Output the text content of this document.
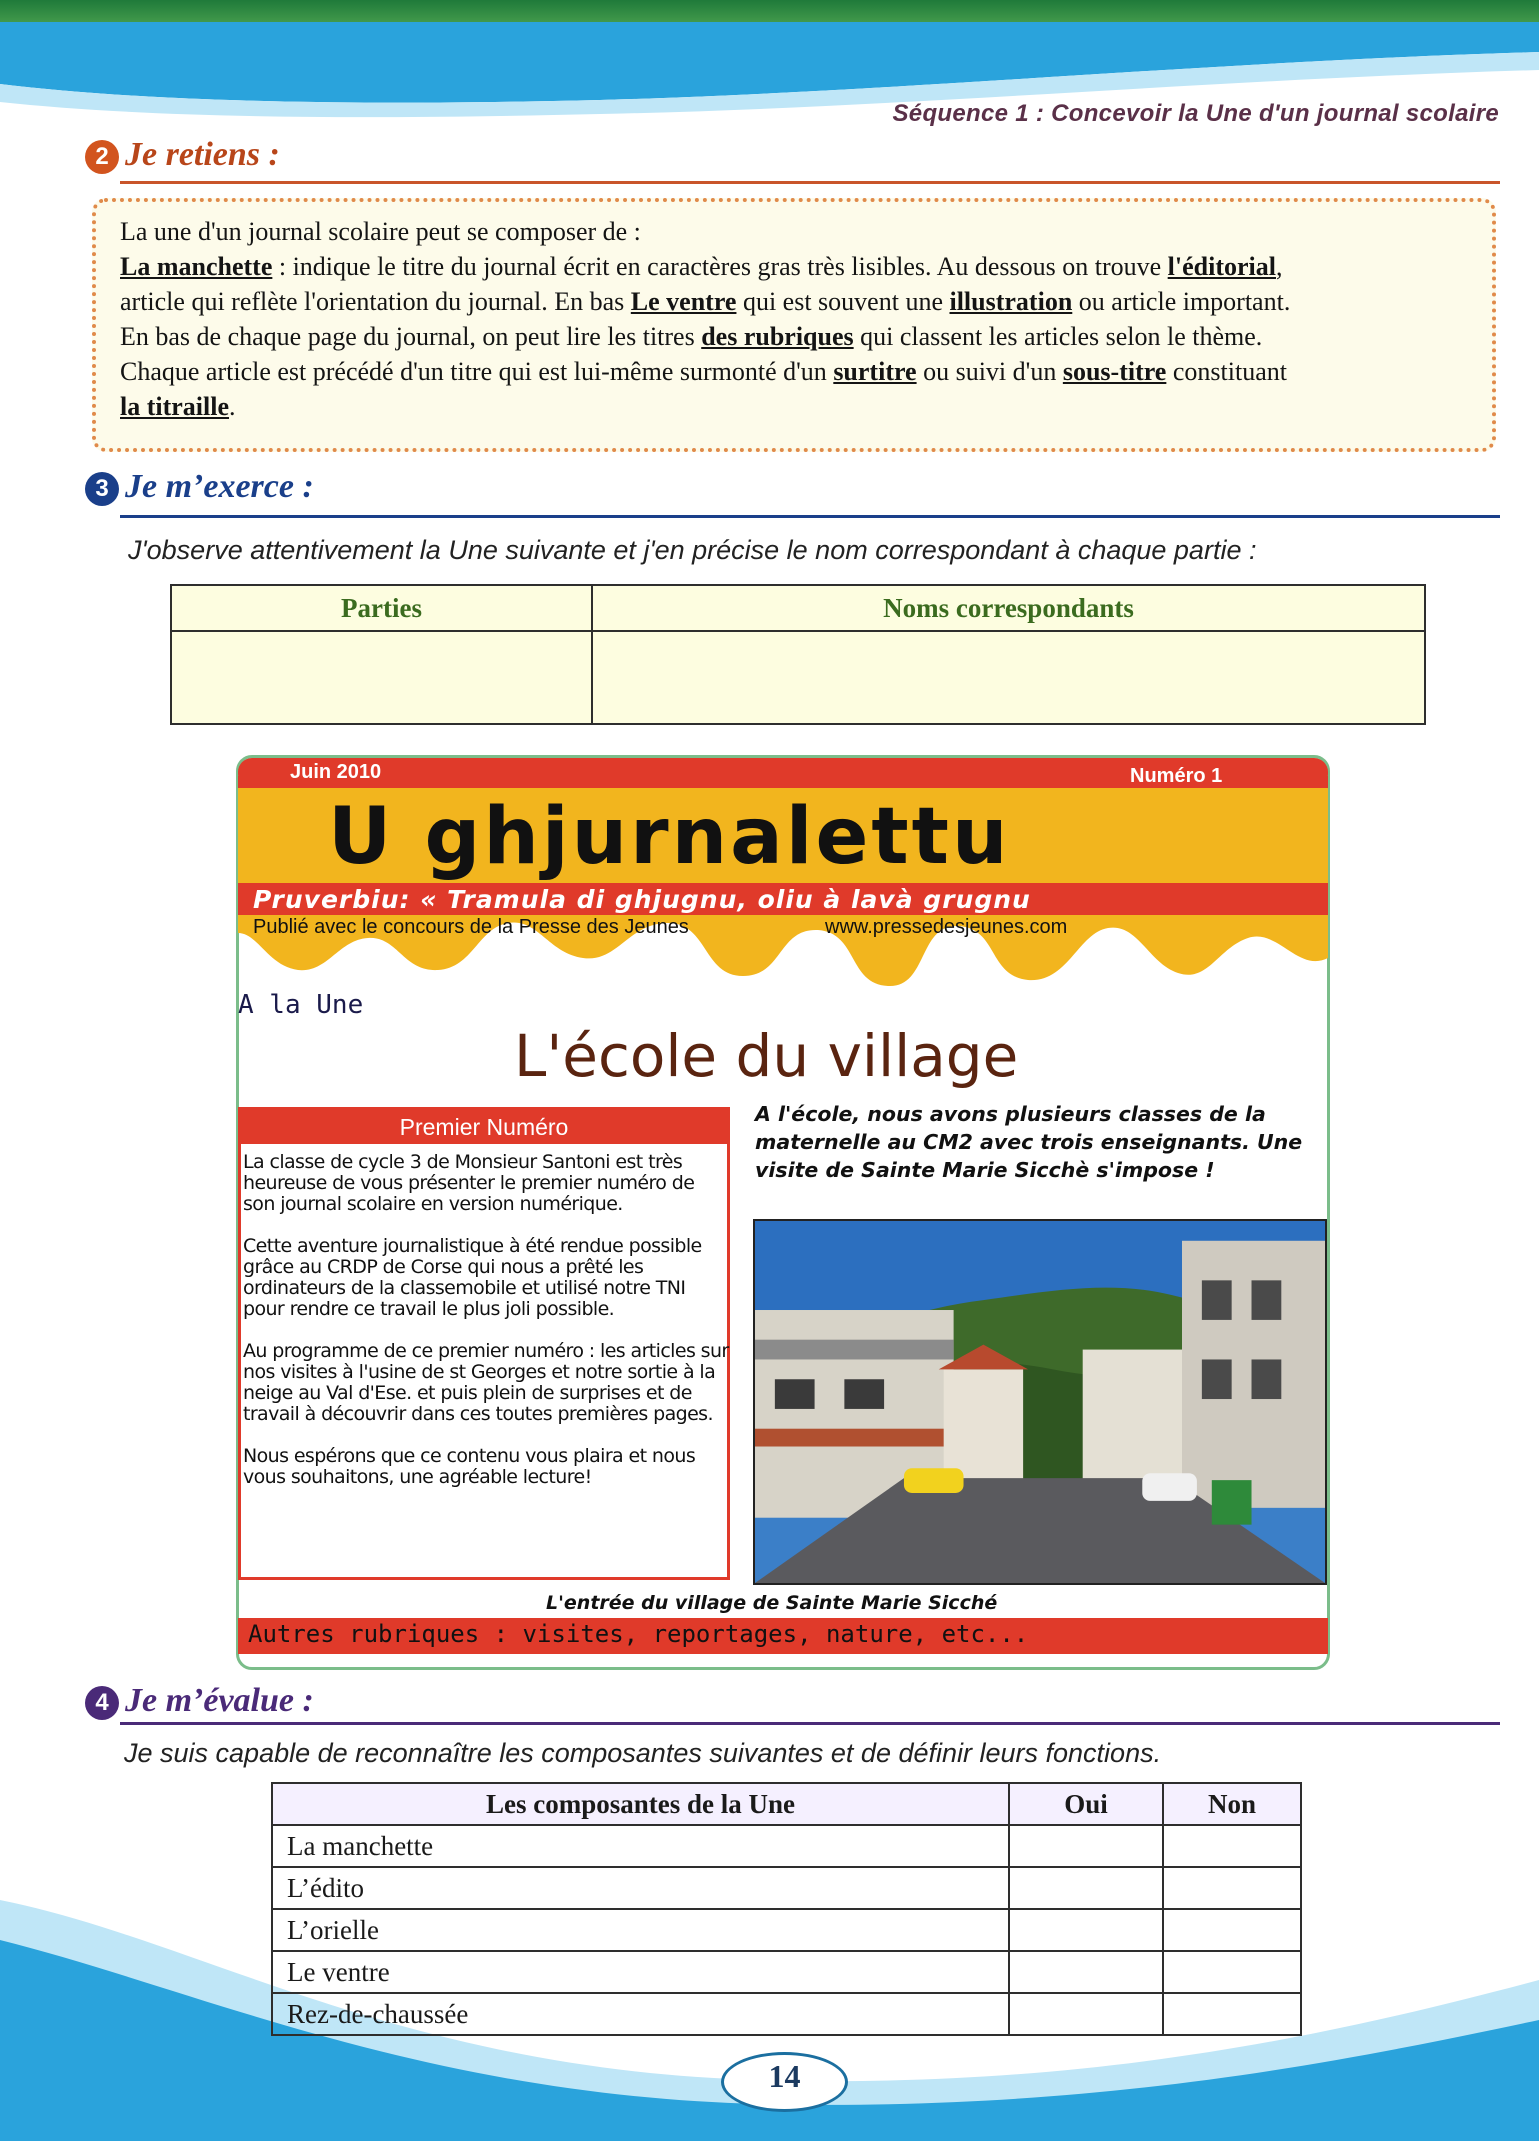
Séquence 1 : Concevoir la Une d'un journal scolaire
2 Je retiens :
La une d'un journal scolaire peut se composer de :
La manchette : indique le titre du journal écrit en caractères gras très lisibles. Au dessous on trouve l'éditorial,
article qui reflète l'orientation du journal. En bas Le ventre qui est souvent une illustration ou article important.
En bas de chaque page du journal, on peut lire les titres des rubriques qui classent les articles selon le thème.
Chaque article est précédé d'un titre qui est lui-même surmonté d'un surtitre ou suivi d'un sous-titre constituant
la titraille.
3 Je m’exerce :
J'observe attentivement la Une suivante et j'en précise le nom correspondant à chaque partie :
Parties	Noms correspondants

Juin 2010	Numéro 1
U ghjurnalettu
Pruverbiu: « Tramula di ghjugnu, oliu à lavà grugnu
Publié avec le concours de la Presse des Jeunes	www.pressedesjeunes.com
A la Une
L'école du village
Premier Numéro

La classe de cycle 3 de Monsieur Santoni est très heureuse de vous présenter le premier numéro de son journal scolaire en version numérique.

Cette aventure journalistique à été rendue possible grâce au CRDP de Corse qui nous a prêté les ordinateurs de la classemobile et utilisé notre TNI pour rendre ce travail le plus joli possible.

Au programme de ce premier numéro : les articles sur nos visites à l'usine de st Georges et notre sortie à la neige au Val d'Ese. et puis plein de surprises et de travail à découvrir dans ces toutes premières pages.

Nous espérons que ce contenu vous plaira et nous vous souhaitons, une agréable lecture!

A l'école, nous avons plusieurs classes de la maternelle au CM2 avec trois enseignants. Une visite de Sainte Marie Sicchè s'impose !
L'entrée du village de Sainte Marie Sicché
Autres rubriques : visites, reportages, nature, etc...
4 Je m’évalue :
Je suis capable de reconnaître les composantes suivantes et de définir leurs fonctions.
Les composantes de la Une	Oui	Non
La manchette		
L’édito		
L’orielle		
Le ventre		
Rez-de-chaussée		
14
